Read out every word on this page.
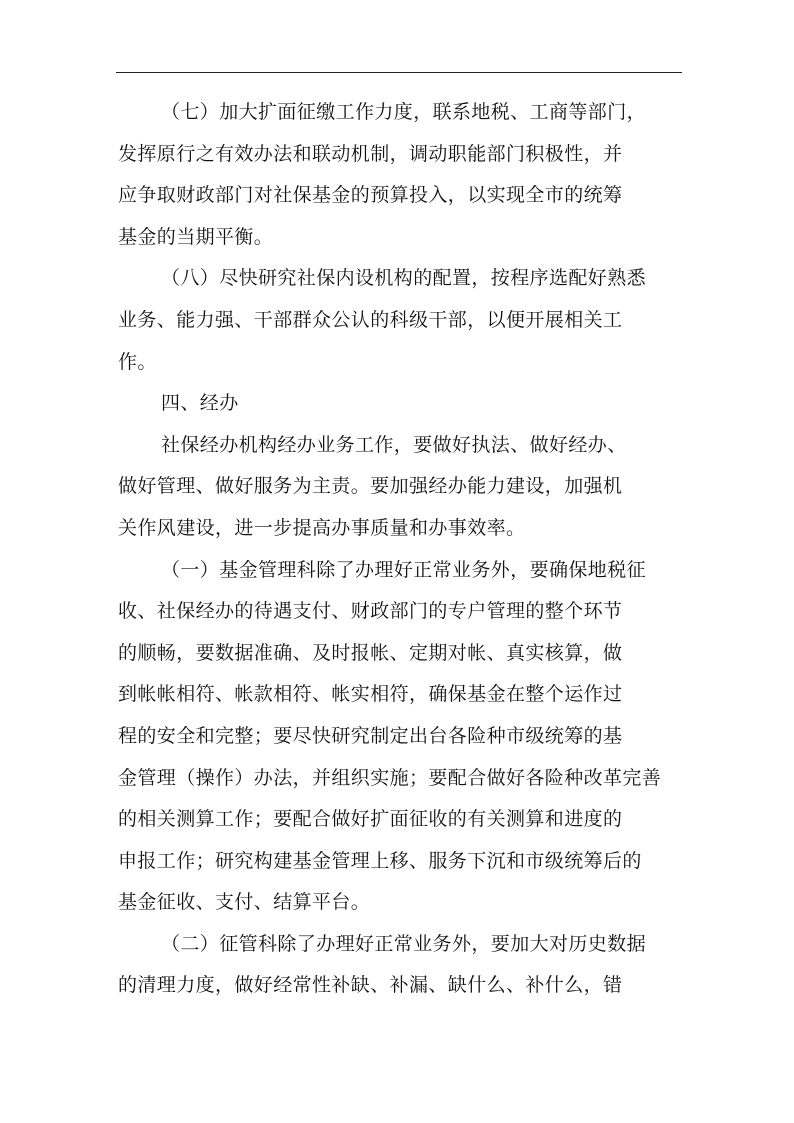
（七）加大扩面征缴工作力度，联系地税、工商等部门，
发挥原行之有效办法和联动机制，调动职能部门积极性，并
应争取财政部门对社保基金的预算投入，以实现全市的统筹
基金的当期平衡。
（八）尽快研究社保内设机构的配置，按程序选配好熟悉
业务、能力强、干部群众公认的科级干部，以便开展相关工
作。
四、经办
社保经办机构经办业务工作，要做好执法、做好经办、
做好管理、做好服务为主责。要加强经办能力建设，加强机
关作风建设，进一步提高办事质量和办事效率。
（一）基金管理科除了办理好正常业务外，要确保地税征
收、社保经办的待遇支付、财政部门的专户管理的整个环节
的顺畅，要数据准确、及时报帐、定期对帐、真实核算，做
到帐帐相符、帐款相符、帐实相符，确保基金在整个运作过
程的安全和完整；要尽快研究制定出台各险种市级统筹的基
金管理（操作）办法，并组织实施；要配合做好各险种改革完善
的相关测算工作；要配合做好扩面征收的有关测算和进度的
申报工作；研究构建基金管理上移、服务下沉和市级统筹后的
基金征收、支付、结算平台。
（二）征管科除了办理好正常业务外，要加大对历史数据
的清理力度，做好经常性补缺、补漏、缺什么、补什么，错
